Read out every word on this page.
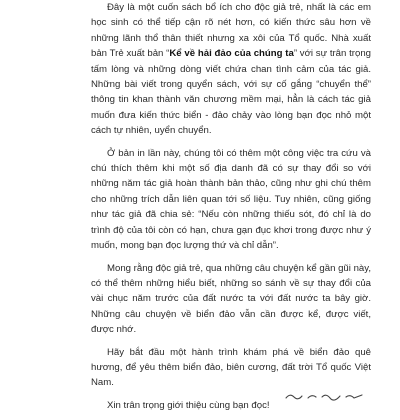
Đây là một cuốn sách bổ ích cho độc giả trẻ, nhất là các em học sinh có thể tiếp cận rõ nét hơn, có kiến thức sâu hơn về những lãnh thổ thân thiết nhưng xa xôi của Tổ quốc. Nhà xuất bản Trẻ xuất bản “Kể về hải đảo của chúng ta” với sự trân trọng tấm lòng và những dòng viết chứa chan tình cảm của tác giả. Những bài viết trong quyển sách, với sự cố gắng “chuyển thể” thông tin khan thành văn chương mềm mại, hẳn là cách tác giả muốn đưa kiến thức biển - đảo chảy vào lòng bạn đọc nhỏ một cách tự nhiên, uyển chuyển.

Ở bản in lần này, chúng tôi có thêm một công việc tra cứu và chú thích thêm khi một số địa danh đã có sự thay đổi so với những năm tác giả hoàn thành bản thảo, cũng như ghi chú thêm cho những trích dẫn liên quan tới số liệu. Tuy nhiên, cũng giống như tác giả đã chia sẻ: “Nếu còn những thiếu sót, đó chỉ là do trình độ của tôi còn có hạn, chưa gạn đục khơi trong được như ý muốn, mong bạn đọc lượng thứ và chỉ dẫn”.

Mong rằng độc giả trẻ, qua những câu chuyện kể gần gũi này, có thể thêm những hiểu biết, những so sánh về sự thay đổi của vài chục năm trước của đất nước ta với đất nước ta bây giờ. Những câu chuyện về biển đảo vẫn cần được kể, được viết, được nhớ.

Hãy bắt đầu một hành trình khám phá về biển đảo quê hương, để yêu thêm biển đảo, biên cương, đất trời Tổ quốc Việt Nam.

Xin trân trọng giới thiệu cùng bạn đọc!
